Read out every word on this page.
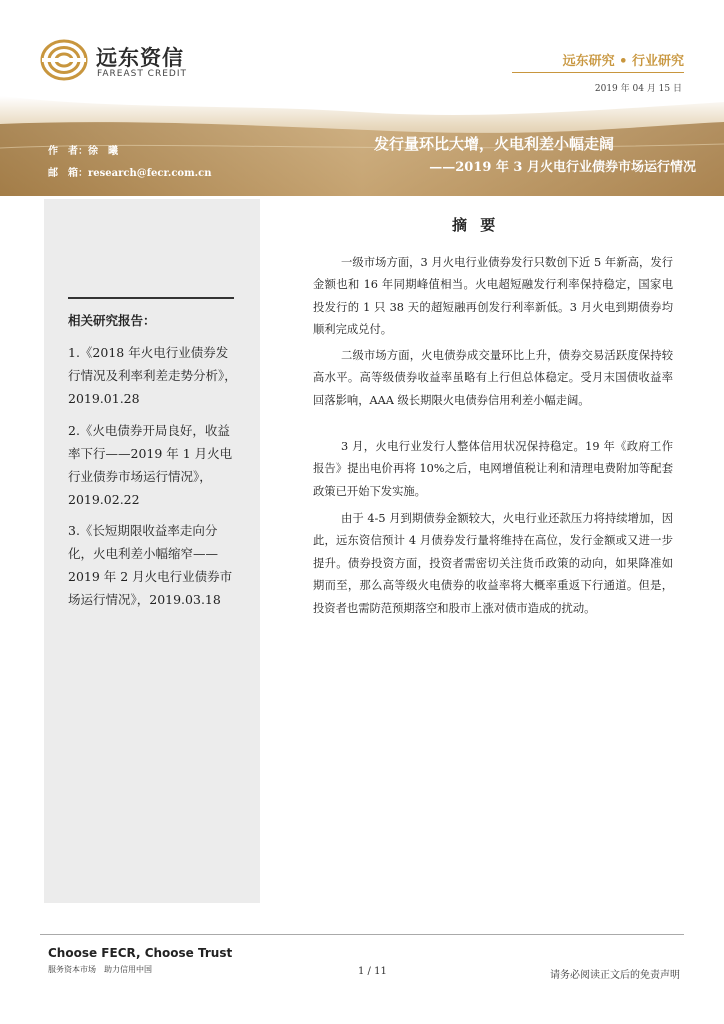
远东资信
FAREAST CREDIT
远东研究 • 行业研究
2019 年 04 月 15 日
作　者：徐　曦
邮　箱：research@fecr.com.cn
发行量环比大增，火电利差小幅走阔
——2019 年 3 月火电行业债券市场运行情况
相关研究报告：
1.《2018 年火电行业债券发行情况及利率利差走势分析》，2019.01.28
2.《火电债券开局良好，收益率下行——2019 年 1 月火电行业债券市场运行情况》，2019.02.22
3.《长短期限收益率走向分化，火电利差小幅缩窄——2019 年 2 月火电行业债券市场运行情况》，2019.03.18
摘 要

一级市场方面，3 月火电行业债券发行只数创下近 5 年新高，发行金额也和 16 年同期峰值相当。火电超短融发行利率保持稳定，国家电投发行的 1 只 38 天的超短融再创发行利率新低。3 月火电到期债券均顺利完成兑付。

二级市场方面，火电债券成交量环比上升，债券交易活跃度保持较高水平。高等级债券收益率虽略有上行但总体稳定。受月末国债收益率回落影响，AAA 级长期限火电债券信用利差小幅走阔。

3 月，火电行业发行人整体信用状况保持稳定。19 年《政府工作报告》提出电价再将 10%之后，电网增值税让利和清理电费附加等配套政策已开始下发实施。

由于 4-5 月到期债券金额较大，火电行业还款压力将持续增加，因此，远东资信预计 4 月债券发行量将维持在高位，发行金额或又进一步提升。债券投资方面，投资者需密切关注货币政策的动向，如果降准如期而至，那么高等级火电债券的收益率将大概率重返下行通道。但是，投资者也需防范预期落空和股市上涨对债市造成的扰动。

Choose FECR, Choose Trust
服务资本市场　助力信用中国	1 / 11	请务必阅读正文后的免责声明
